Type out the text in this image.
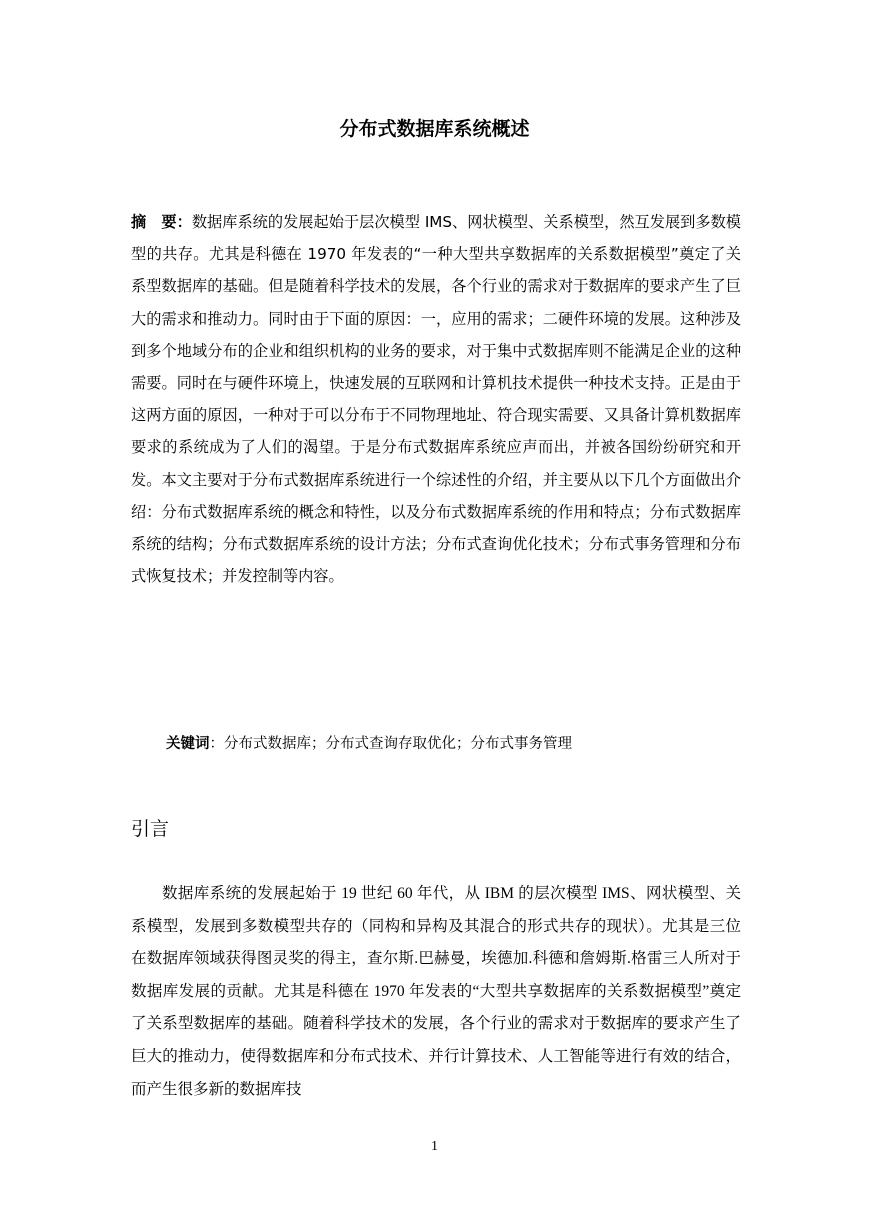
分布式数据库系统概述

摘　要：数据库系统的发展起始于层次模型 IMS、网状模型、关系模型，然互发展到多数模型的共存。尤其是科德在 1970 年发表的“一种大型共享数据库的关系数据模型”奠定了关系型数据库的基础。但是随着科学技术的发展，各个行业的需求对于数据库的要求产生了巨大的需求和推动力。同时由于下面的原因：一，应用的需求；二硬件环境的发展。这种涉及到多个地域分布的企业和组织机构的业务的要求，对于集中式数据库则不能满足企业的这种需要。同时在与硬件环境上，快速发展的互联网和计算机技术提供一种技术支持。正是由于这两方面的原因，一种对于可以分布于不同物理地址、符合现实需要、又具备计算机数据库要求的系统成为了人们的渴望。于是分布式数据库系统应声而出，并被各国纷纷研究和开发。本文主要对于分布式数据库系统进行一个综述性的介绍，并主要从以下几个方面做出介绍：分布式数据库系统的概念和特性，以及分布式数据库系统的作用和特点；分布式数据库系统的结构；分布式数据库系统的设计方法；分布式查询优化技术；分布式事务管理和分布式恢复技术；并发控制等内容。

关键词：分布式数据库；分布式查询存取优化；分布式事务管理

引言

数据库系统的发展起始于 19 世纪 60 年代，从 IBM 的层次模型 IMS、网状模型、关系模型，发展到多数模型共存的（同构和异构及其混合的形式共存的现状）。尤其是三位在数据库领域获得图灵奖的得主，查尔斯.巴赫曼，埃德加.科德和詹姆斯.格雷三人所对于数据库发展的贡献。尤其是科德在 1970 年发表的“大型共享数据库的关系数据模型”奠定了关系型数据库的基础。随着科学技术的发展，各个行业的需求对于数据库的要求产生了巨大的推动力，使得数据库和分布式技术、并行计算技术、人工智能等进行有效的结合，而产生很多新的数据库技

1
